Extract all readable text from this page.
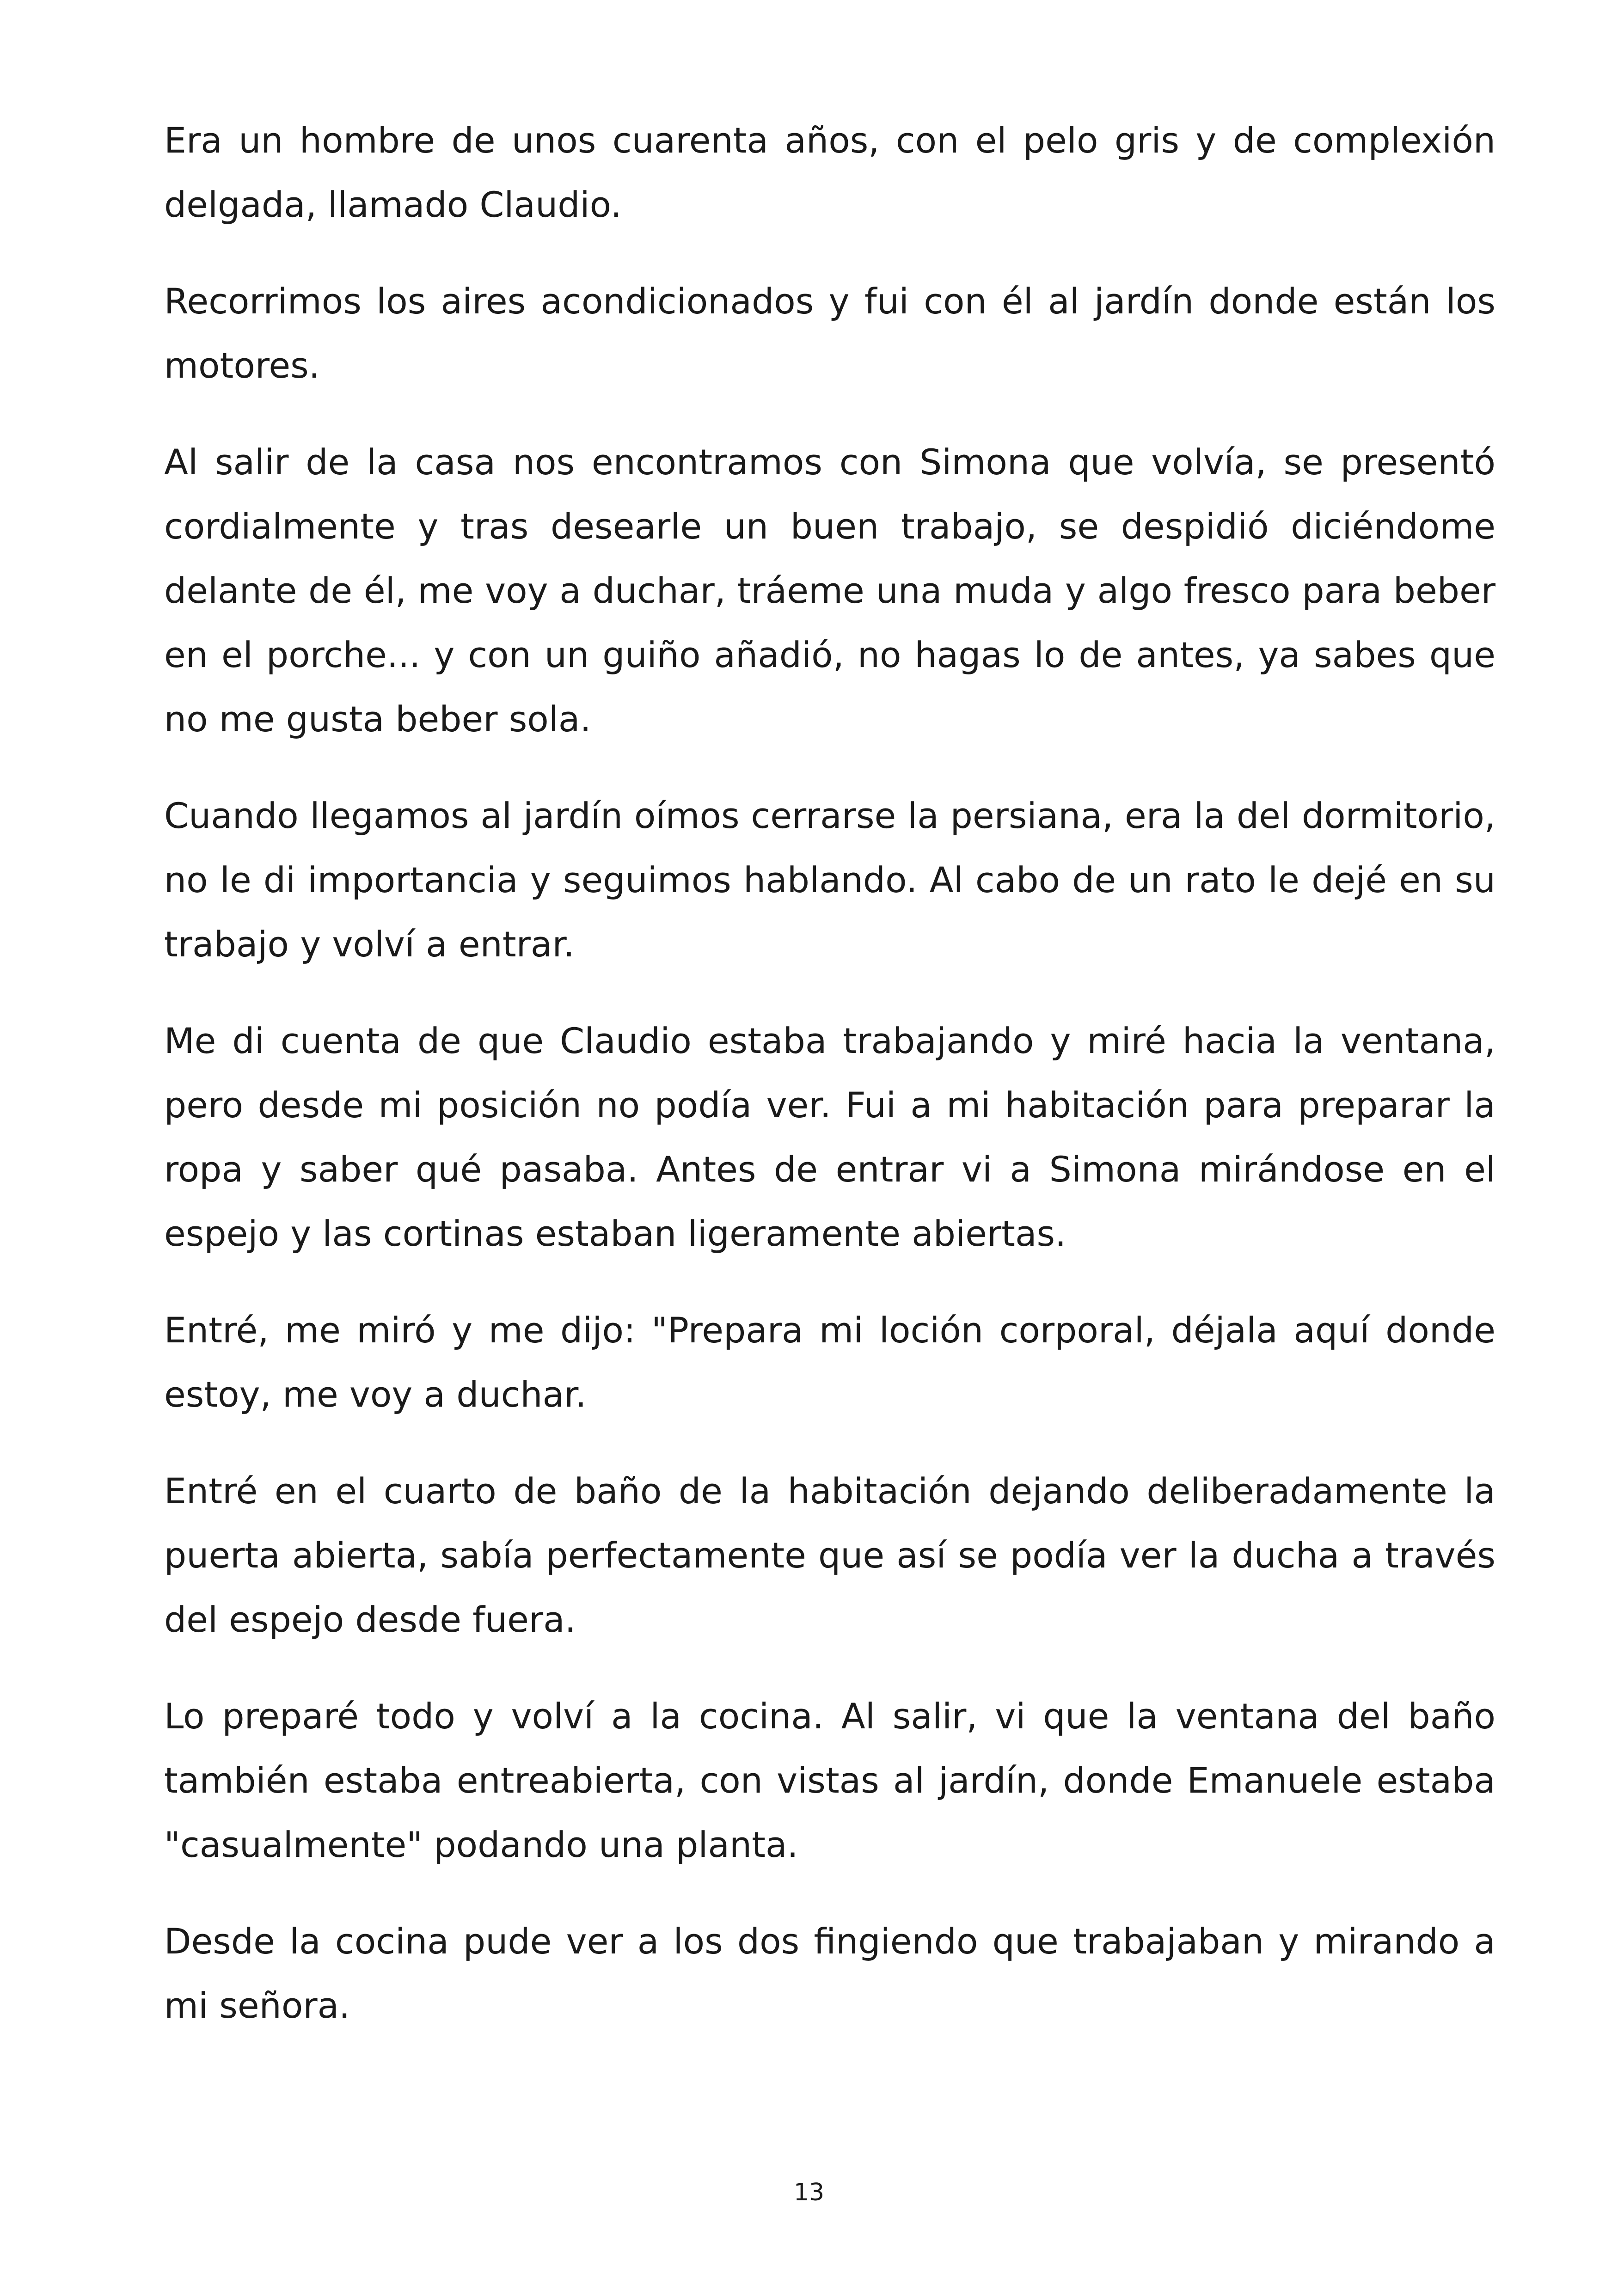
Era un hombre de unos cuarenta años, con el pelo gris y de complexión delgada, llamado Claudio.

Recorrimos los aires acondicionados y fui con él al jardín donde están los motores.

Al salir de la casa nos encontramos con Simona que volvía, se presentó cordialmente y tras desearle un buen trabajo, se despidió diciéndome delante de él, me voy a duchar, tráeme una muda y algo fresco para beber en el porche... y con un guiño añadió, no hagas lo de antes, ya sabes que no me gusta beber sola.

Cuando llegamos al jardín oímos cerrarse la persiana, era la del dormitorio, no le di importancia y seguimos hablando. Al cabo de un rato le dejé en su trabajo y volví a entrar.

Me di cuenta de que Claudio estaba trabajando y miré hacia la ventana, pero desde mi posición no podía ver. Fui a mi habitación para preparar la ropa y saber qué pasaba. Antes de entrar vi a Simona mirándose en el espejo y las cortinas estaban ligeramente abiertas.

Entré, me miró y me dijo: "Prepara mi loción corporal, déjala aquí donde estoy, me voy a duchar.

Entré en el cuarto de baño de la habitación dejando deliberadamente la puerta abierta, sabía perfectamente que así se podía ver la ducha a través del espejo desde fuera.

Lo preparé todo y volví a la cocina. Al salir, vi que la ventana del baño también estaba entreabierta, con vistas al jardín, donde Emanuele estaba "casualmente" podando una planta.

Desde la cocina pude ver a los dos fingiendo que trabajaban y mirando a mi señora.

13
